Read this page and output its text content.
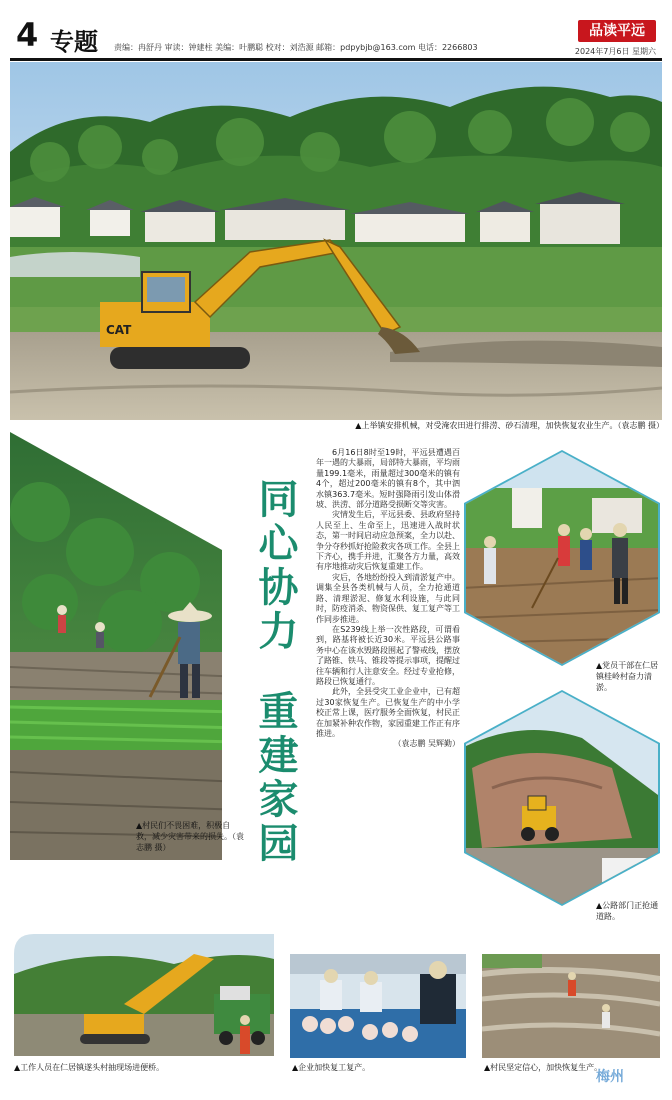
4 专题 责编：冉舒丹 审读：钟建柱 美编：叶鹏聪 校对：刘浩源 邮箱：pdpybjb@163.com 电话：2266803
品读平远
2024年7月6日 星期六
CAT
▲上举镇安排机械，对受淹农田进行排涝、砂石清理，加快恢复农业生产。（袁志鹏 摄）
▲村民们不畏困难，积极自救，减少灾害带来的损失。（袁志鹏 摄）
同心协力
重建家园

6月16日8时至19时，平远县遭遇百年一遇的大暴雨，局部特大暴雨，平均雨量199.1毫米，雨量超过300毫米的镇有4个，超过200毫米的镇有8个，其中泗水镇363.7毫米。短时强降雨引发山体滑坡、洪涝、部分道路受损断交等灾害。

灾情发生后，平远县委、县政府坚持人民至上、生命至上，迅速进入战时状态，第一时间启动应急预案，全力以赴、争分夺秒抓好抢险救灾各项工作。全县上下齐心，携手并进，汇聚各方力量，高效有序地推动灾后恢复重建工作。

灾后，各地纷纷投入到清淤复产中。调集全县各类机械与人员，全力抢通道路、清理淤泥、修复水利设施，与此同时，防疫消杀、物资保供、复工复产等工作同步推进。

在S239线上举一次性路段，可谓看到，路基将被长近30米。平远县公路事务中心在该水毁路段围起了警戒线，摆放了路锥、铁马、锥段等提示事项，提醒过往车辆和行人注意安全。经过专业抢修，路段已恢复通行。

此外，全县受灾工业企业中，已有超过30家恢复生产。已恢复生产的中小学校正常上课，医疗服务全面恢复，村民正在加紧补种农作物，家园重建工作正有序推进。

（袁志鹏 吴辉勤）

▲党员干部在仁居镇桂岭村奋力清淤。
▲公路部门正抢通道路。
▲工作人员在仁居镇遂头村抽现场进便桥。	▲企业加快复工复产。	▲村民坚定信心，加快恢复生产。
梅州
